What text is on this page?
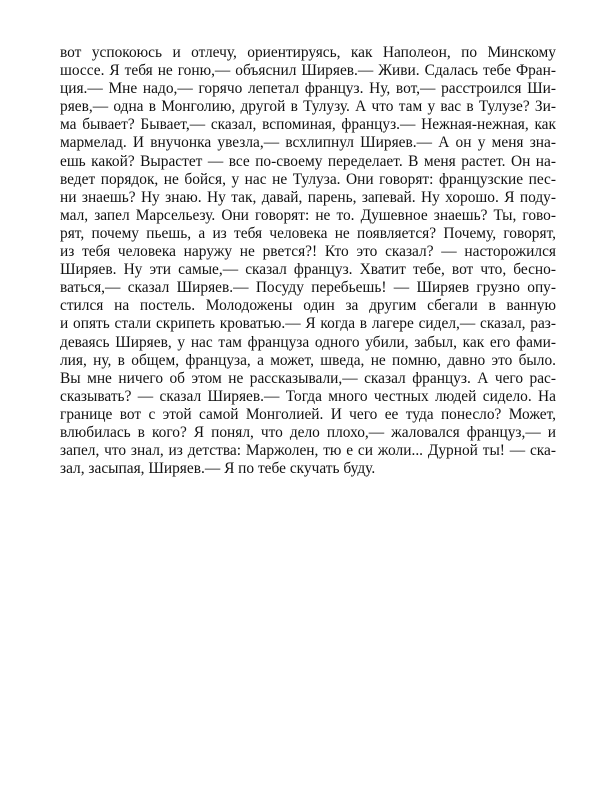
вот успокоюсь и отлечу, ориентируясь, как Наполеон, по Минскому
шоссе. Я тебя не гоню,— объяснил Ширяев.— Живи. Сдалась тебе Фран-
ция.— Мне надо,— горячо лепетал француз. Ну, вот,— расстроился Ши-
ряев,— одна в Монголию, другой в Тулузу. А что там у вас в Тулузе? Зи-
ма бывает? Бывает,— сказал, вспоминая, француз.— Нежная-нежная, как
мармелад. И внучонка увезла,— всхлипнул Ширяев.— А он у меня зна-
ешь какой? Вырастет — все по-своему переделает. В меня растет. Он на-
ведет порядок, не бойся, у нас не Тулуза. Они говорят: французские пес-
ни знаешь? Ну знаю. Ну так, давай, парень, запевай. Ну хорошо. Я поду-
мал, запел Марсельезу. Они говорят: не то. Душевное знаешь? Ты, гово-
рят, почему пьешь, а из тебя человека не появляется? Почему, говорят,
из тебя человека наружу не рвется?! Кто это сказал? — насторожился
Ширяев. Ну эти самые,— сказал француз. Хватит тебе, вот что, бесно-
ваться,— сказал Ширяев.— Посуду перебьешь! — Ширяев грузно опу-
стился на постель. Молодожены один за другим сбегали в ванную
и опять стали скрипеть кроватью.— Я когда в лагере сидел,— сказал, раз-
деваясь Ширяев, у нас там француза одного убили, забыл, как его фами-
лия, ну, в общем, француза, а может, шведа, не помню, давно это было.
Вы мне ничего об этом не рассказывали,— сказал француз. А чего рас-
сказывать? — сказал Ширяев.— Тогда много честных людей сидело. На
границе вот с этой самой Монголией. И чего ее туда понесло? Может,
влюбилась в кого? Я понял, что дело плохо,— жаловался француз,— и
запел, что знал, из детства: Маржолен, тю е си жоли... Дурной ты! — ска-
зал, засыпая, Ширяев.— Я по тебе скучать буду.
